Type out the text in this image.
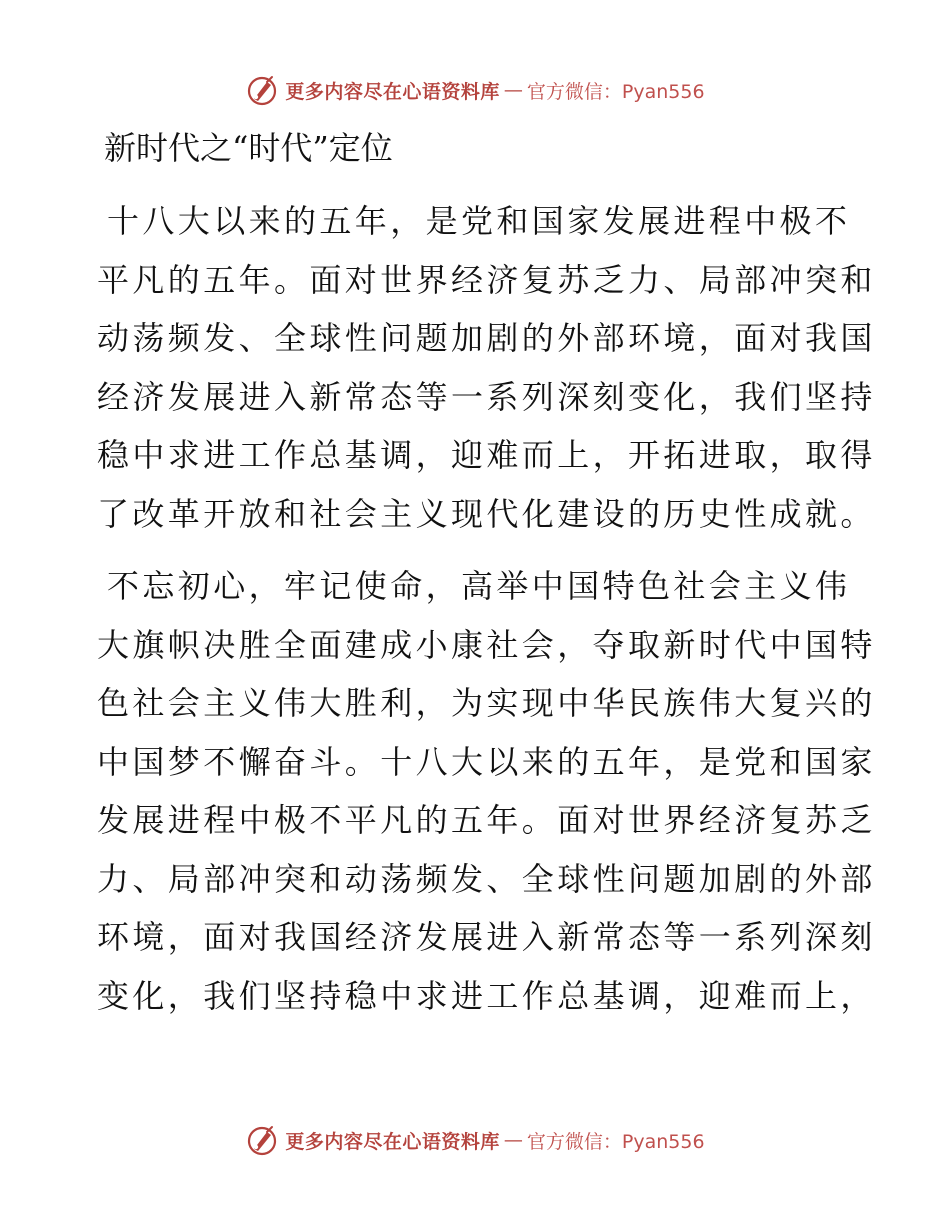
更多内容尽在心语资料库 — 官方微信：Pyan556
新时代之“时代”定位

十八大以来的五年，是党和国家发展进程中极不
平凡的五年。面对世界经济复苏乏力、局部冲突和
动荡频发、全球性问题加剧的外部环境，面对我国
经济发展进入新常态等一系列深刻变化，我们坚持
稳中求进工作总基调，迎难而上，开拓进取，取得
了改革开放和社会主义现代化建设的历史性成就。

不忘初心，牢记使命，高举中国特色社会主义伟
大旗帜决胜全面建成小康社会，夺取新时代中国特
色社会主义伟大胜利，为实现中华民族伟大复兴的
中国梦不懈奋斗。十八大以来的五年，是党和国家
发展进程中极不平凡的五年。面对世界经济复苏乏
力、局部冲突和动荡频发、全球性问题加剧的外部
环境，面对我国经济发展进入新常态等一系列深刻
变化，我们坚持稳中求进工作总基调，迎难而上，

更多内容尽在心语资料库 — 官方微信：Pyan556
